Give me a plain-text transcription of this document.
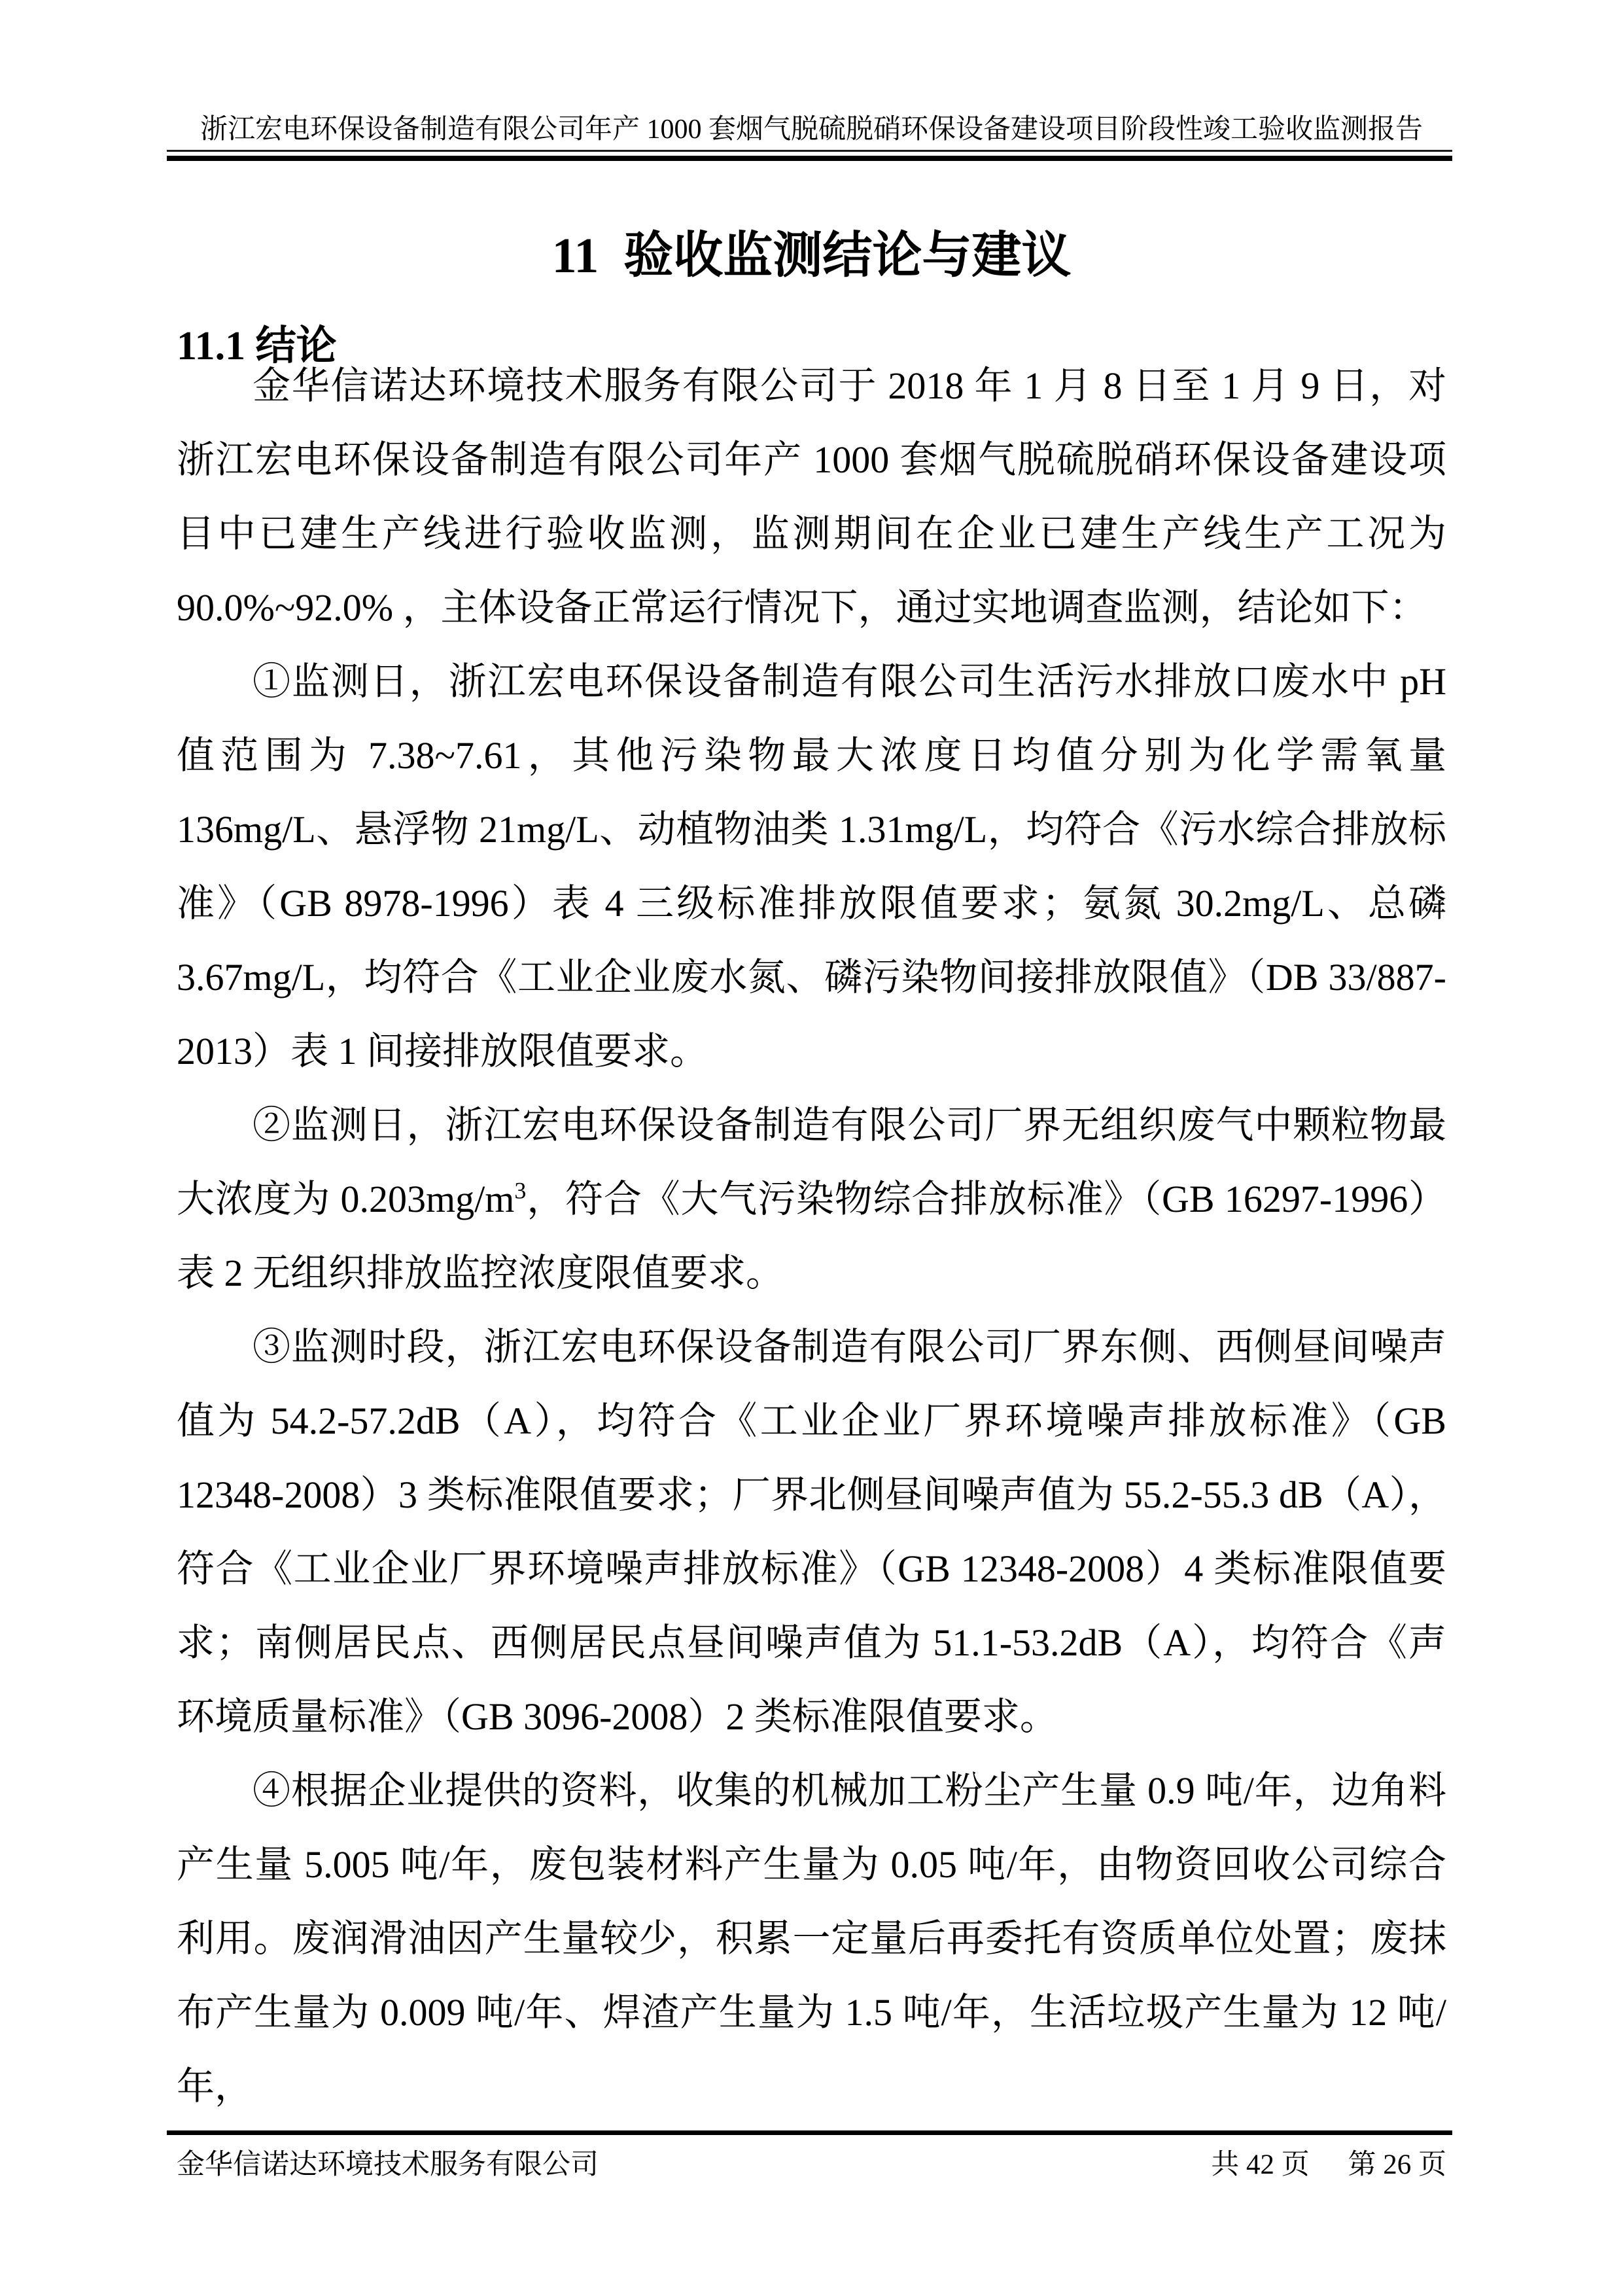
浙江宏电环保设备制造有限公司年产 1000 套烟气脱硫脱硝环保设备建设项目阶段性竣工验收监测报告
11  验收监测结论与建议
11.1 结论

金华信诺达环境技术服务有限公司于 2018 年 1 月 8 日至 1 月 9 日，对浙江宏电环保设备制造有限公司年产 1000 套烟气脱硫脱硝环保设备建设项目中已建生产线进行验收监测，监测期间在企业已建生产线生产工况为 90.0%~92.0% ，主体设备正常运行情况下，通过实地调查监测，结论如下：

①监测日，浙江宏电环保设备制造有限公司生活污水排放口废水中 pH 值范围为 7.38~7.61，其他污染物最大浓度日均值分别为化学需氧量 136mg/L、悬浮物 21mg/L、动植物油类 1.31mg/L，均符合《污水综合排放标准》（GB 8978-1996）表 4 三级标准排放限值要求；氨氮 30.2mg/L、总磷 3.67mg/L，均符合《工业企业废水氮、磷污染物间接排放限值》（DB 33/887-2013）表 1 间接排放限值要求。

②监测日，浙江宏电环保设备制造有限公司厂界无组织废气中颗粒物最大浓度为 $0.203mg/m^3$，符合《大气污染物综合排放标准》（GB 16297-1996）表 2 无组织排放监控浓度限值要求。

③监测时段，浙江宏电环保设备制造有限公司厂界东侧、西侧昼间噪声值为 54.2-57.2dB（A），均符合《工业企业厂界环境噪声排放标准》（GB 12348-2008）3 类标准限值要求；厂界北侧昼间噪声值为 55.2-55.3 dB（A），符合《工业企业厂界环境噪声排放标准》（GB 12348-2008）4 类标准限值要求；南侧居民点、西侧居民点昼间噪声值为 51.1-53.2dB（A），均符合《声环境质量标准》（GB 3096-2008）2 类标准限值要求。

④根据企业提供的资料，收集的机械加工粉尘产生量 0.9 吨/年，边角料产生量 5.005 吨/年，废包装材料产生量为 0.05 吨/年，由物资回收公司综合利用。废润滑油因产生量较少，积累一定量后再委托有资质单位处置；废抹布产生量为 0.009 吨/年、焊渣产生量为 1.5 吨/年，生活垃圾产生量为 12 吨/年，

金华信诺达环境技术服务有限公司	共 42 页 第 26 页
